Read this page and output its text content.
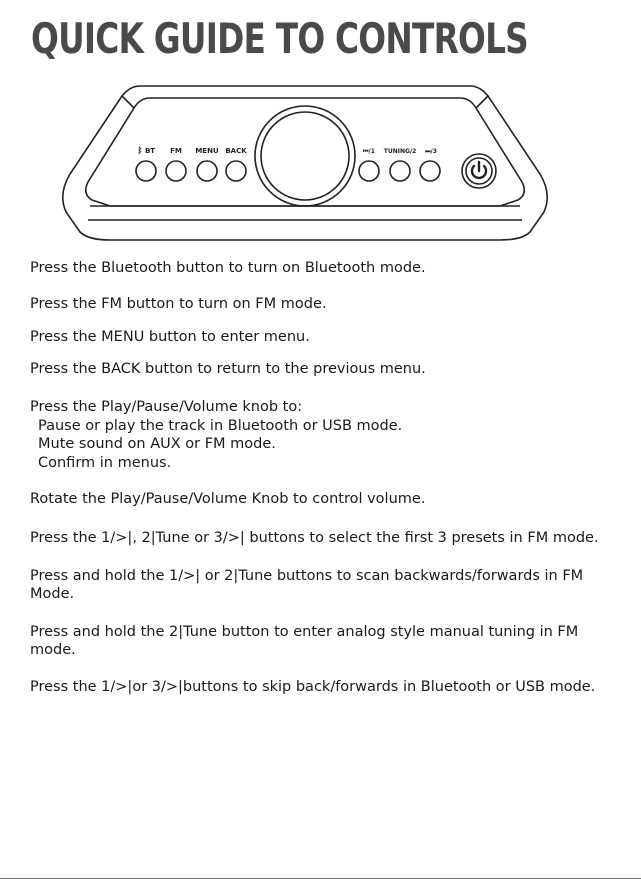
QUICK GUIDE TO CONTROLS
ᛒ BT FM MENU BACK	⏮/1 TUNING/2 ⏭/3
Press the Bluetooth button to turn on Bluetooth mode.
Press the FM button to turn on FM mode.
Press the MENU button to enter menu.
Press the BACK button to return to the previous menu.
Press the Play/Pause/Volume knob to:
Pause or play the track in Bluetooth or USB mode.
Mute sound on AUX or FM mode.
Confirm in menus.
Rotate the Play/Pause/Volume Knob to control volume.
Press the 1/>|, 2|Tune or 3/>| buttons to select the first 3 presets in FM mode.
Press and hold the 1/>| or 2|Tune buttons to scan backwards/forwards in FM
Mode.
Press and hold the 2|Tune button to enter analog style manual tuning in FM
mode.
Press the 1/>|or 3/>|buttons to skip back/forwards in Bluetooth or USB mode.
